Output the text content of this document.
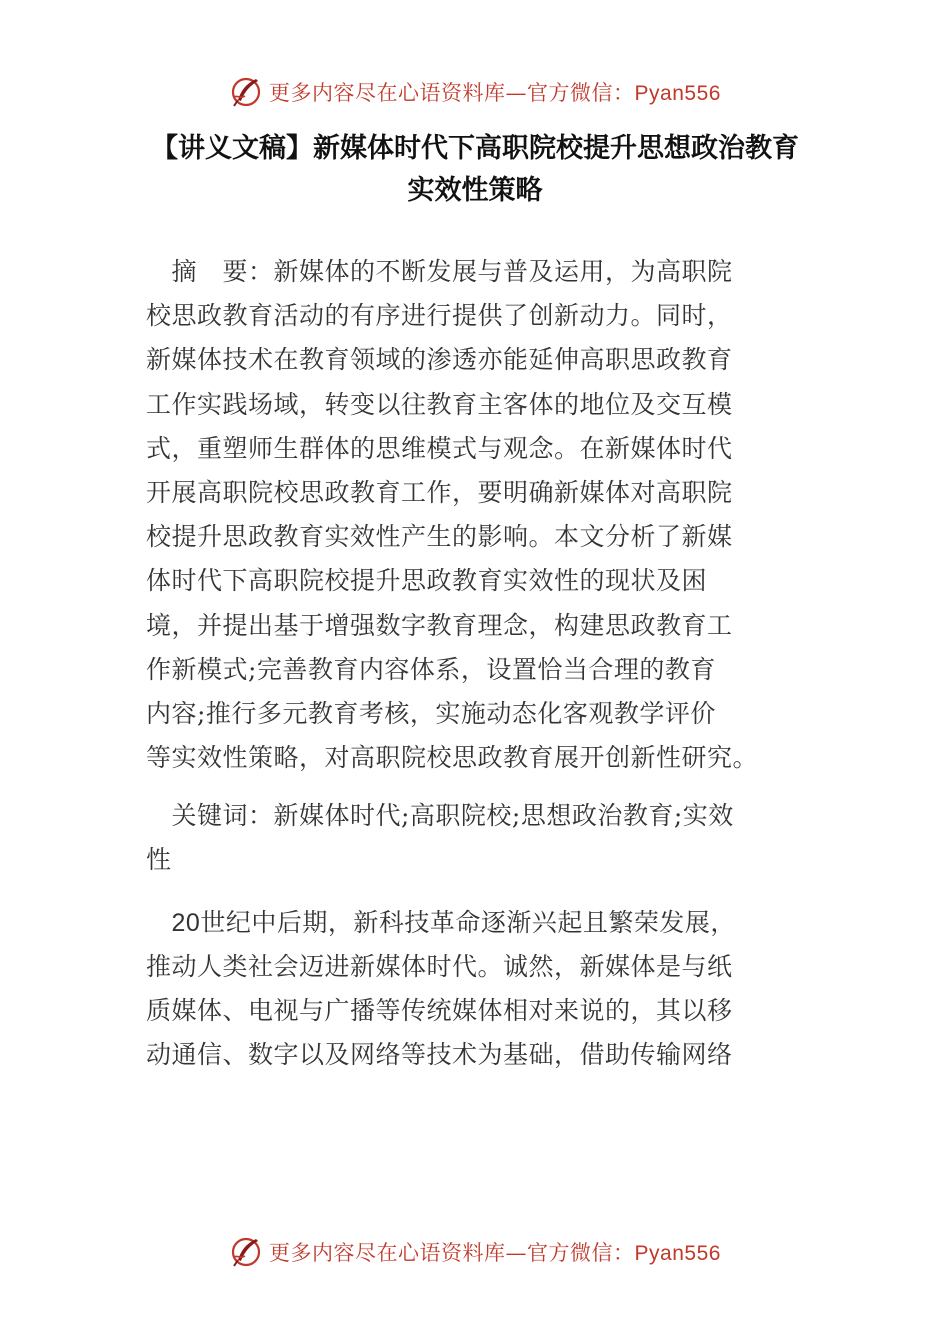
更多内容尽在心语资料库—官方微信：Pyan556
【讲义文稿】新媒体时代下高职院校提升思想政治教育
实效性策略
　摘　要：新媒体的不断发展与普及运用，为高职院
校思政教育活动的有序进行提供了创新动力。同时，
新媒体技术在教育领域的渗透亦能延伸高职思政教育
工作实践场域，转变以往教育主客体的地位及交互模
式，重塑师生群体的思维模式与观念。在新媒体时代
开展高职院校思政教育工作，要明确新媒体对高职院
校提升思政教育实效性产生的影响。本文分析了新媒
体时代下高职院校提升思政教育实效性的现状及困
境，并提出基于增强数字教育理念，构建思政教育工
作新模式;完善教育内容体系，设置恰当合理的教育
内容;推行多元教育考核，实施动态化客观教学评价
等实效性策略，对高职院校思政教育展开创新性研究。
　关键词：新媒体时代;高职院校;思想政治教育;实效
性
　20世纪中后期，新科技革命逐渐兴起且繁荣发展，
推动人类社会迈进新媒体时代。诚然，新媒体是与纸
质媒体、电视与广播等传统媒体相对来说的，其以移
动通信、数字以及网络等技术为基础，借助传输网络
更多内容尽在心语资料库—官方微信：Pyan556
